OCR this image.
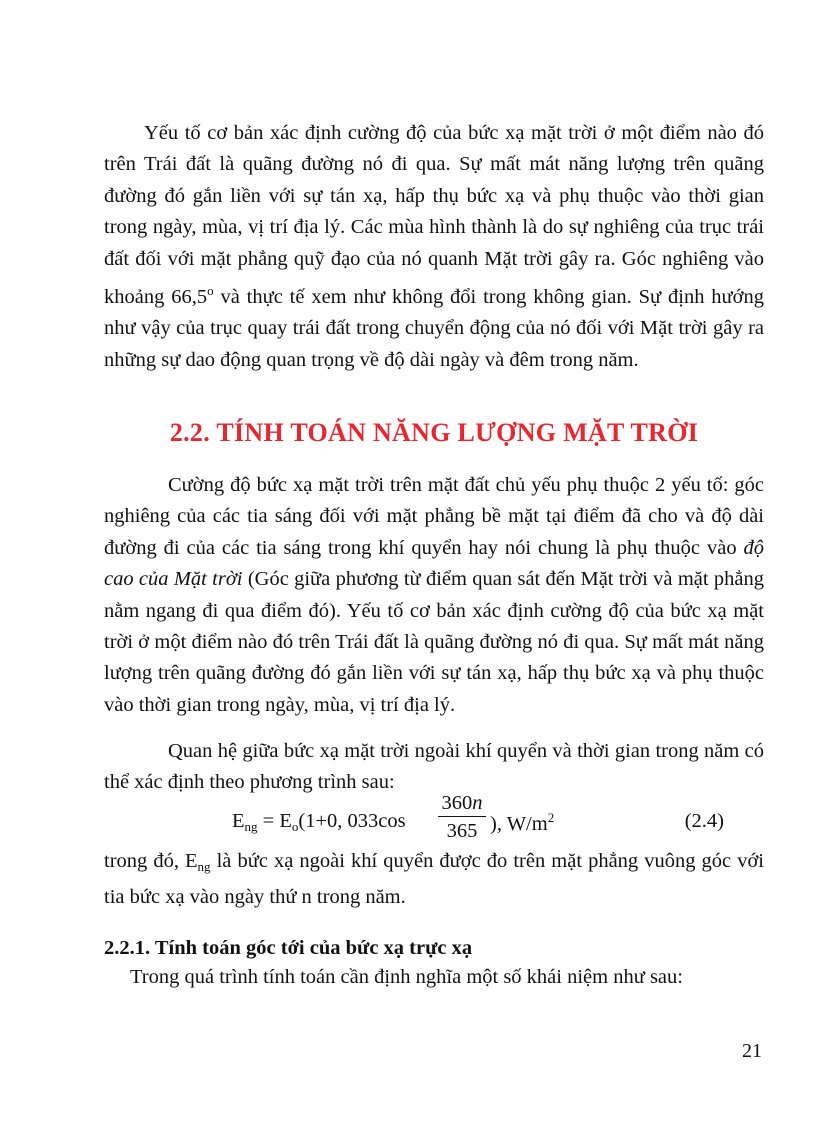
Yếu tố cơ bản xác định cường độ của bức xạ mặt trời ở một điểm nào đó trên Trái đất là quãng đường nó đi qua. Sự mất mát năng lượng trên quãng đường đó gắn liền với sự tán xạ, hấp thụ bức xạ và phụ thuộc vào thời gian trong ngày, mùa, vị trí địa lý. Các mùa hình thành là do sự nghiêng của trục trái đất đối với mặt phẳng quỹ đạo của nó quanh Mặt trời gây ra. Góc nghiêng vào khoảng 66,5$^o$ và thực tế xem như không đổi trong không gian. Sự định hướng như vậy của trục quay trái đất trong chuyển động của nó đối với Mặt trời gây ra những sự dao động quan trọng về độ dài ngày và đêm trong năm.

2.2. TÍNH TOÁN NĂNG LƯỢNG MẶT TRỜI

Cường độ bức xạ mặt trời trên mặt đất chủ yếu phụ thuộc 2 yếu tố: góc nghiêng của các tia sáng đối với mặt phẳng bề mặt tại điểm đã cho và độ dài đường đi của các tia sáng trong khí quyển hay nói chung là phụ thuộc vào độ cao của Mặt trời (Góc giữa phương từ điểm quan sát đến Mặt trời và mặt phẳng nằm ngang đi qua điểm đó). Yếu tố cơ bản xác định cường độ của bức xạ mặt trời ở một điểm nào đó trên Trái đất là quãng đường nó đi qua. Sự mất mát năng lượng trên quãng đường đó gắn liền với sự tán xạ, hấp thụ bức xạ và phụ thuộc vào thời gian trong ngày, mùa, vị trí địa lý.

Quan hệ giữa bức xạ mặt trời ngoài khí quyển và thời gian trong năm có thể xác định theo phương trình sau:

$E_{ng} = E_o(1+0$, $033\cos \frac{360n}{365}$ ), $W/m^2$	(2.4)

trong đó, $E_{ng}$ là bức xạ ngoài khí quyển được đo trên mặt phẳng vuông góc với tia bức xạ vào ngày thứ n trong năm.

2.2.1. Tính toán góc tới của bức xạ trực xạ

Trong quá trình tính toán cần định nghĩa một số khái niệm như sau:

21
